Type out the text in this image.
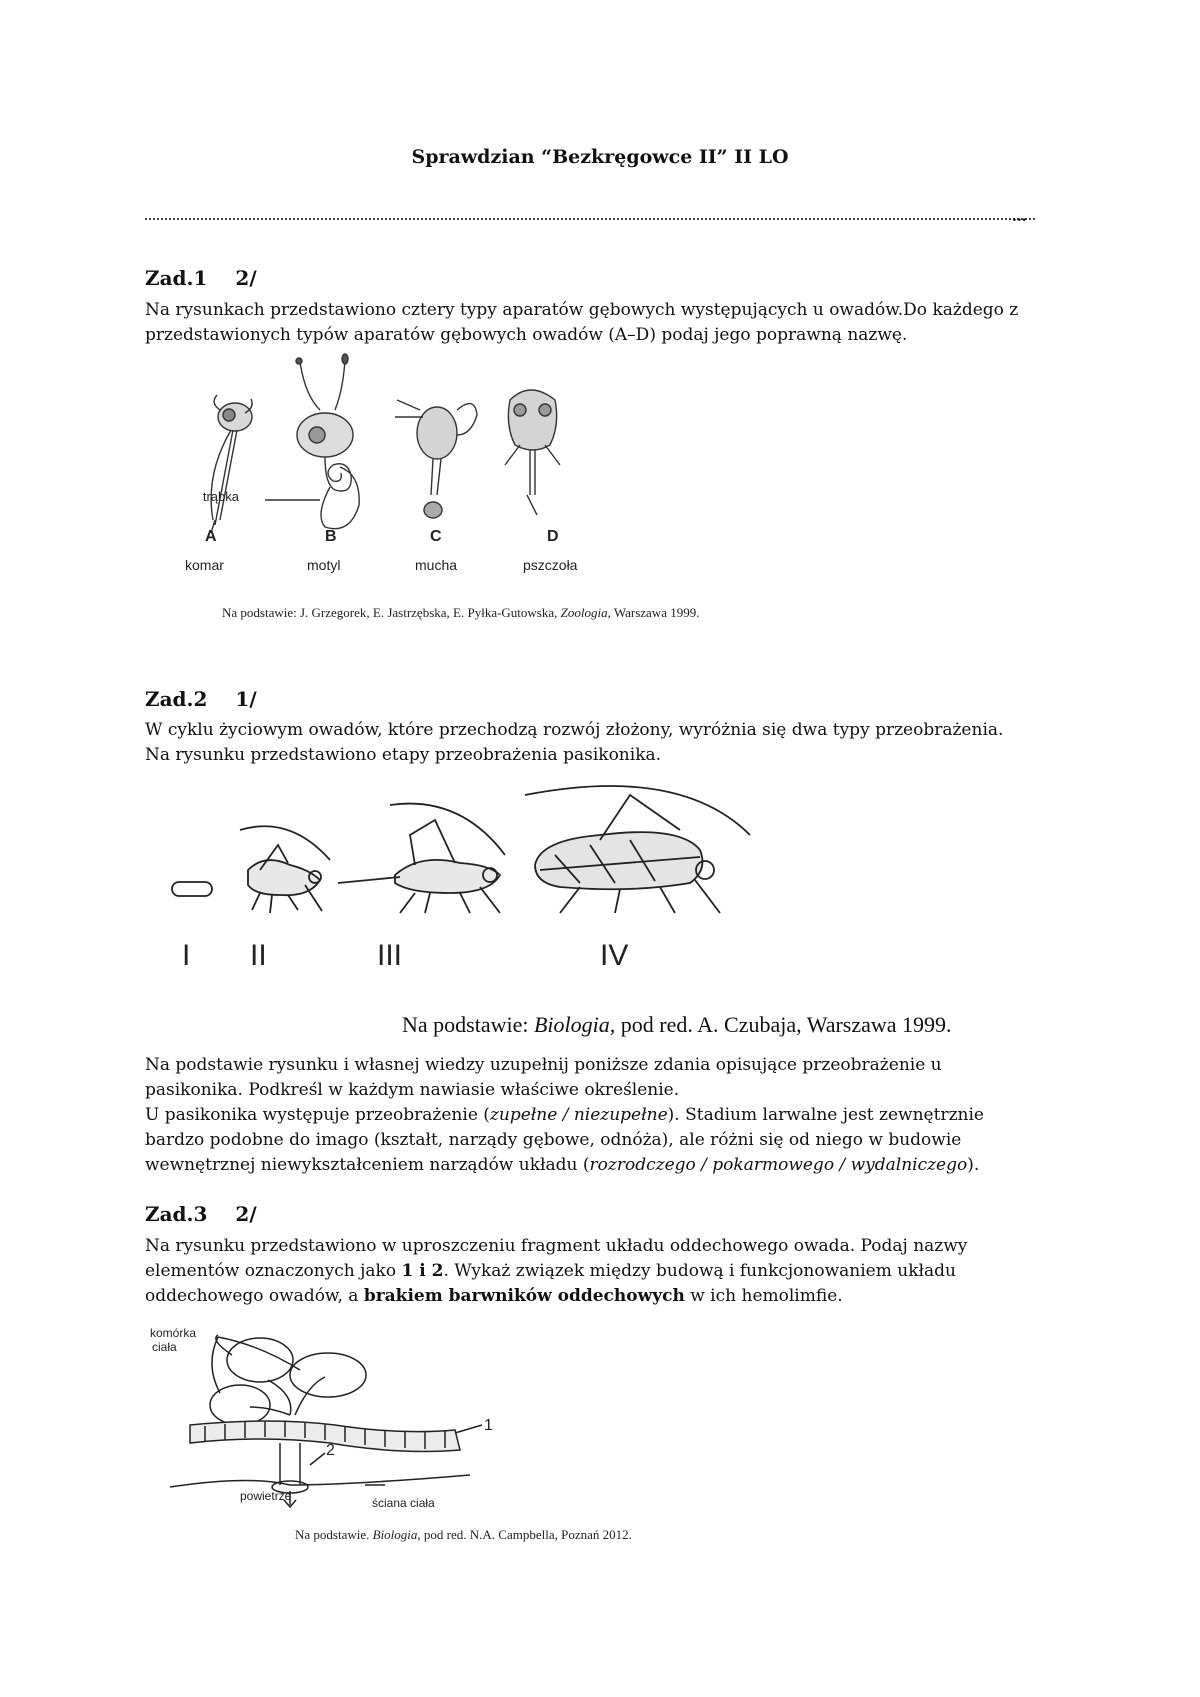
Sprawdzian “Bezkręgowce II” II LO
...
Zad.1 2/
Na rysunkach przedstawiono cztery typy aparatów gębowych występujących u owadów.Do każdego z
przedstawionych typów aparatów gębowych owadów (A–D) podaj jego poprawną nazwę.
trąbka
A	B	C	D
komar	motyl	mucha	pszczoła
Na podstawie: J. Grzegorek, E. Jastrzębska, E. Pyłka-Gutowska, Zoologia, Warszawa 1999.
Zad.2 1/
W cyklu życiowym owadów, które przechodzą rozwój złożony, wyróżnia się dwa typy przeobrażenia.
Na rysunku przedstawiono etapy przeobrażenia pasikonika.
I II	III	IV
Na podstawie: Biologia, pod red. A. Czubaja, Warszawa 1999.
Na podstawie rysunku i własnej wiedzy uzupełnij poniższe zdania opisujące przeobrażenie u
pasikonika. Podkreśl w każdym nawiasie właściwe określenie.
U pasikonika występuje przeobrażenie (zupełne / niezupełne). Stadium larwalne jest zewnętrznie
bardzo podobne do imago (kształt, narządy gębowe, odnóża), ale różni się od niego w budowie
wewnętrznej niewykształceniem narządów układu (rozrodczego / pokarmowego / wydalniczego).
Zad.3 2/
Na rysunku przedstawiono w uproszczeniu fragment układu oddechowego owada. Podaj nazwy
elementów oznaczonych jako 1 i 2. Wykaż związek między budową i funkcjonowaniem układu
oddechowego owadów, a brakiem barwników oddechowych w ich hemolimfie.
komórka
ciała
1
2
powietrze	ściana ciała
Na podstawie. Biologia, pod red. N.A. Campbella, Poznań 2012.
